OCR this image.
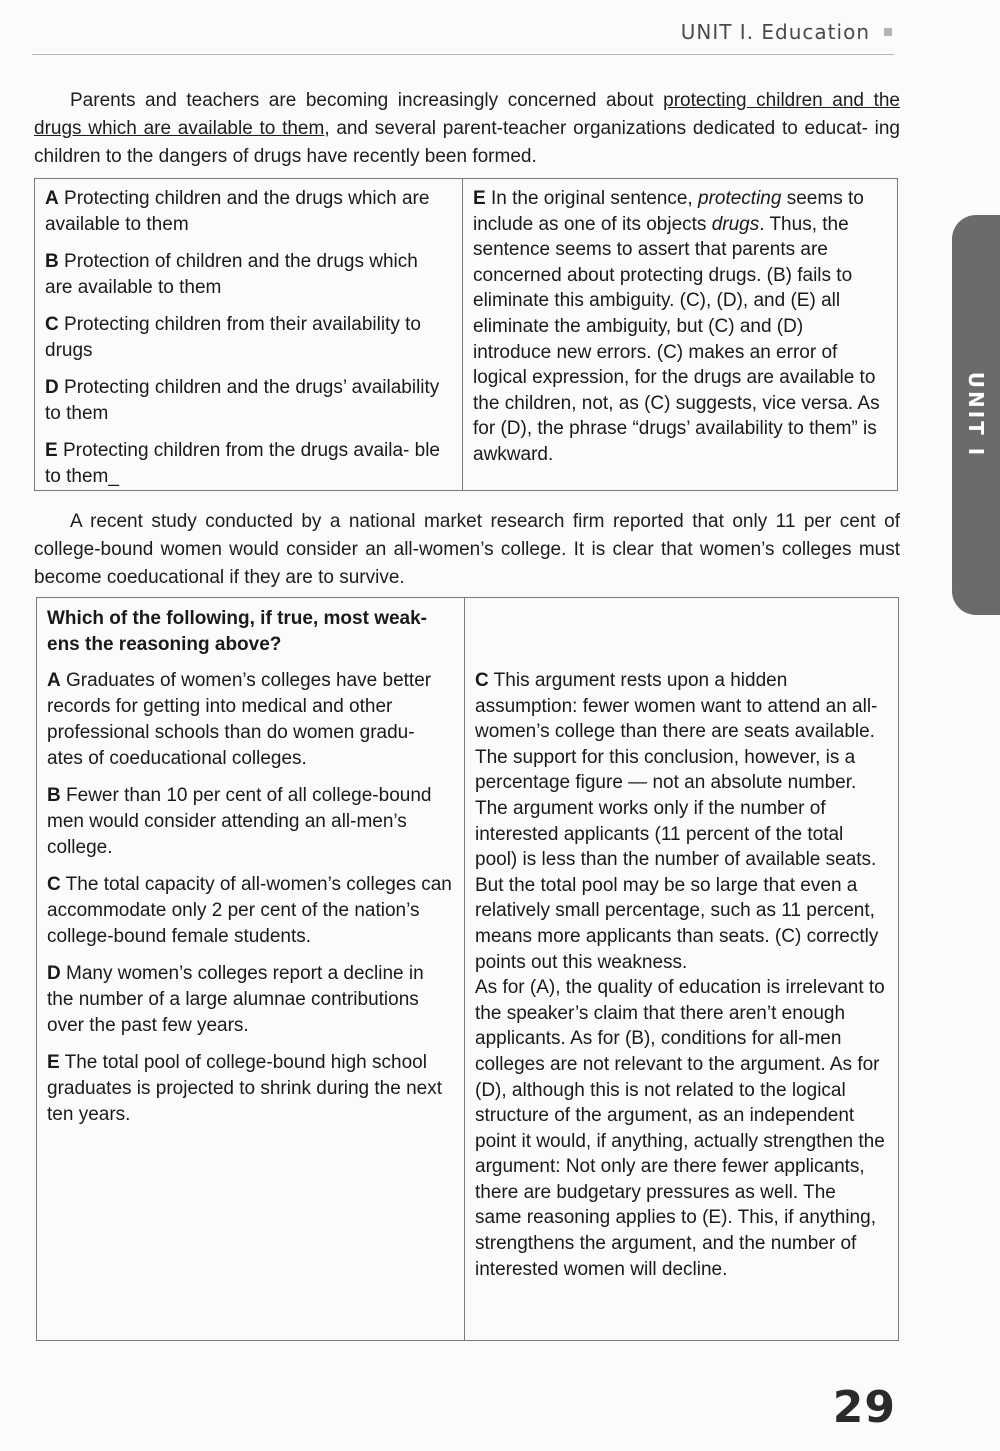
UNIT I. Education
UNIT I

Parents and teachers are becoming increasingly concerned about protecting children and the drugs which are available to them, and several parent-teacher organizations dedicated to educat- ing children to the dangers of drugs have recently been formed.

A Protecting children and the drugs which are available to them

B Protection of children and the drugs which are available to them

C Protecting children from their availability to drugs

D Protecting children and the drugs’ availability to them

E Protecting children from the drugs availa- ble to them_

E In the original sentence, protecting seems to include as one of its objects drugs. Thus, the sentence seems to assert that parents are concerned about protecting drugs. (B) fails to eliminate this ambiguity. (C), (D), and (E) all eliminate the ambiguity, but (C) and (D) introduce new errors. (C) makes an error of logical expression, for the drugs are available to the children, not, as (C) suggests, vice versa. As for (D), the phrase “drugs’ availability to them” is awkward.

A recent study conducted by a national market research firm reported that only 11 per cent of college-bound women would consider an all-women’s college. It is clear that women’s colleges must become coeducational if they are to survive.

Which of the following, if true, most weak- ens the reasoning above?

A Graduates of women’s colleges have better records for getting into medical and other professional schools than do women gradu- ates of coeducational colleges.

B Fewer than 10 per cent of all college-bound men would consider attending an all-men’s college.

C The total capacity of all-women’s colleges can accommodate only 2 per cent of the nation’s college-bound female students.

D Many women’s colleges report a decline in the number of a large alumnae contributions over the past few years.

E The total pool of college-bound high school graduates is projected to shrink during the next ten years.

C This argument rests upon a hidden assumption: fewer women want to attend an all-women’s college than there are seats available. The support for this conclusion, however, is a percentage figure — not an absolute number. The argument works only if the number of interested applicants (11 percent of the total pool) is less than the number of available seats. But the total pool may be so large that even a relatively small percentage, such as 11 percent, means more applicants than seats. (C) correctly points out this weakness.

As for (A), the quality of education is irrelevant to the speaker’s claim that there aren’t enough applicants. As for (B), conditions for all-men colleges are not relevant to the argument. As for (D), although this is not related to the logical structure of the argument, as an independent point it would, if anything, actually strengthen the argument: Not only are there fewer applicants, there are budgetary pressures as well. The same reasoning applies to (E). This, if anything, strengthens the argument, and the number of interested women will decline.

29
